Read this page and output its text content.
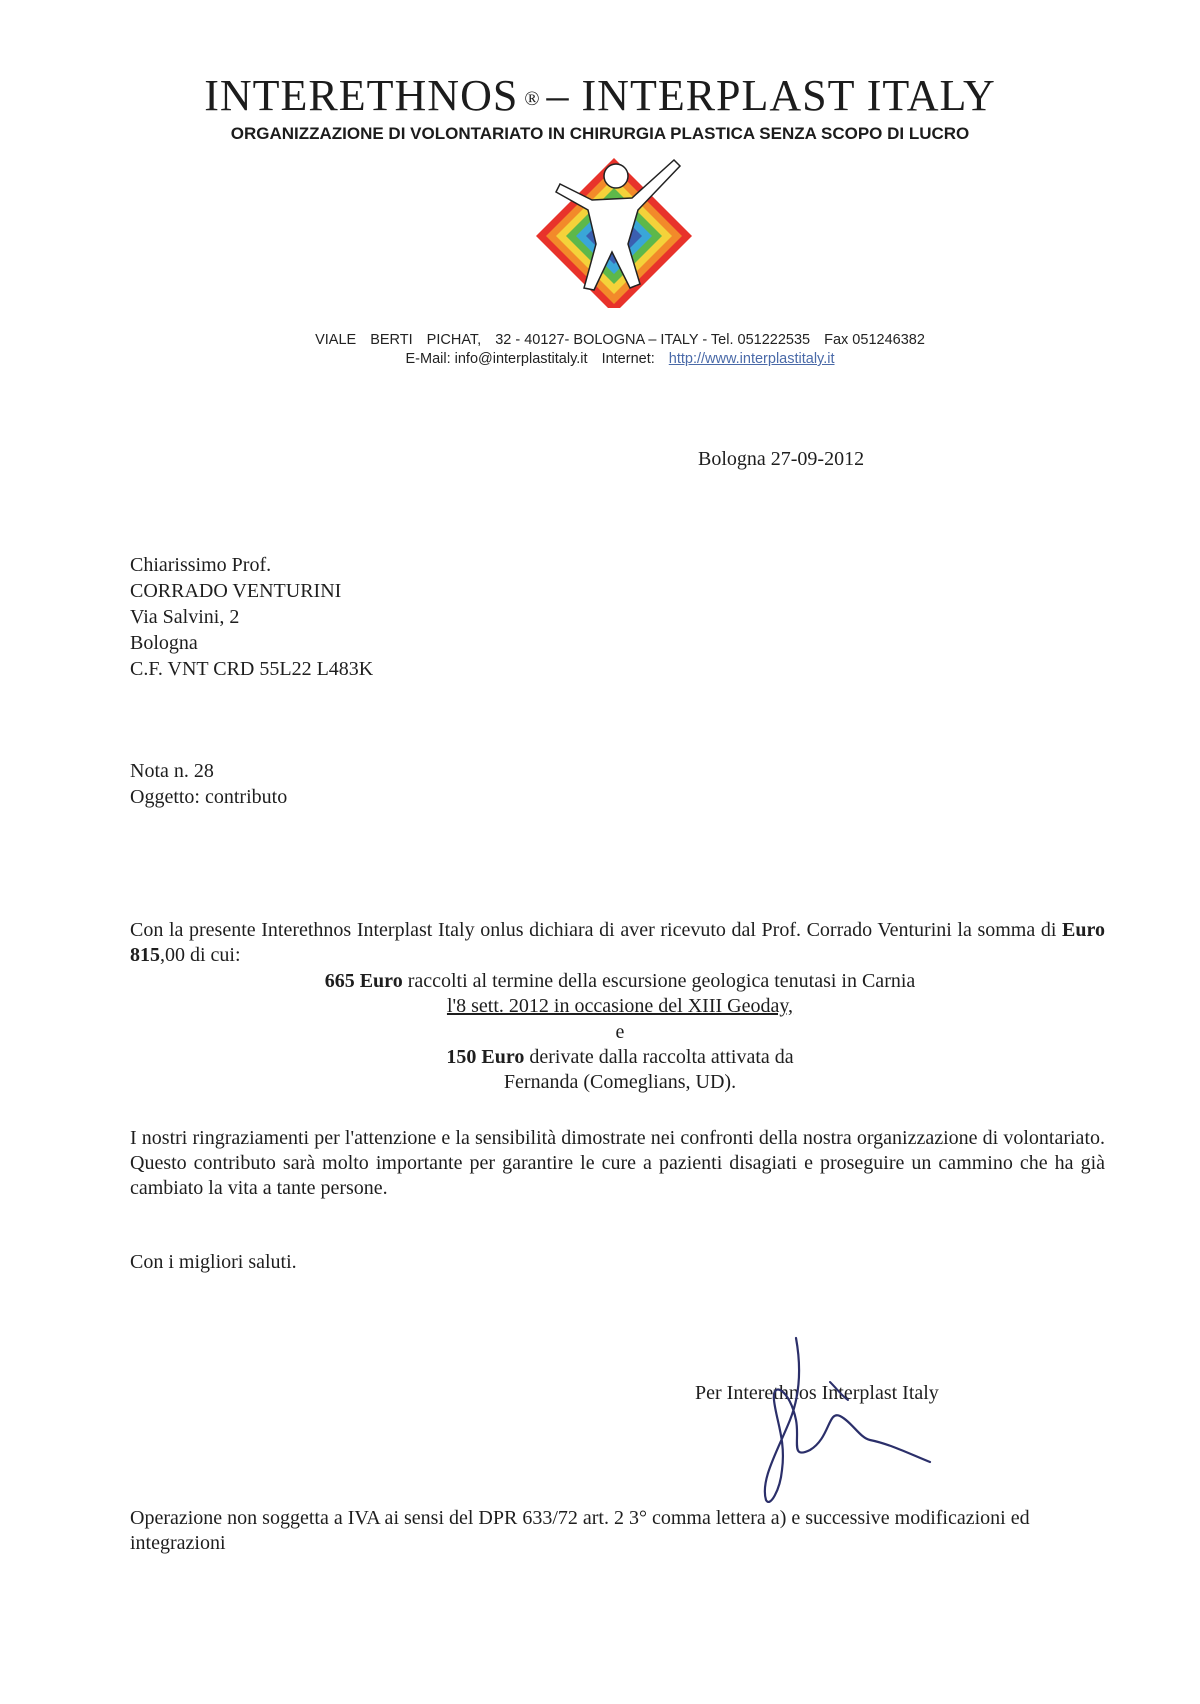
INTERETHNOS ® – INTERPLAST ITALY
ORGANIZZAZIONE DI VOLONTARIATO IN CHIRURGIA PLASTICA SENZA SCOPO DI LUCRO
VIALE BERTI PICHAT, 32 - 40127- BOLOGNA – ITALY - Tel. 051222535 Fax 051246382
E-Mail: info@interplastitaly.it Internet: http://www.interplastitaly.it
Bologna 27-09-2012
Chiarissimo Prof.
CORRADO VENTURINI
Via Salvini, 2
Bologna
C.F. VNT CRD 55L22 L483K
Nota n. 28
Oggetto: contributo
Con la presente Interethnos Interplast Italy onlus dichiara di aver ricevuto dal Prof. Corrado Venturini la somma di Euro 815,00 di cui:
665 Euro raccolti al termine della escursione geologica tenutasi in Carnia
l'8 sett. 2012 in occasione del XIII Geoday,
e
150 Euro derivate dalla raccolta attivata da
Fernanda (Comeglians, UD).
I nostri ringraziamenti per l'attenzione e la sensibilità dimostrate nei confronti della nostra organizzazione di volontariato. Questo contributo sarà molto importante per garantire le cure a pazienti disagiati e proseguire un cammino che ha già cambiato la vita a tante persone.
Con i migliori saluti.
Per Interethnos Interplast Italy
Operazione non soggetta a IVA ai sensi del DPR 633/72 art. 2 3° comma lettera a) e successive modificazioni ed integrazioni
